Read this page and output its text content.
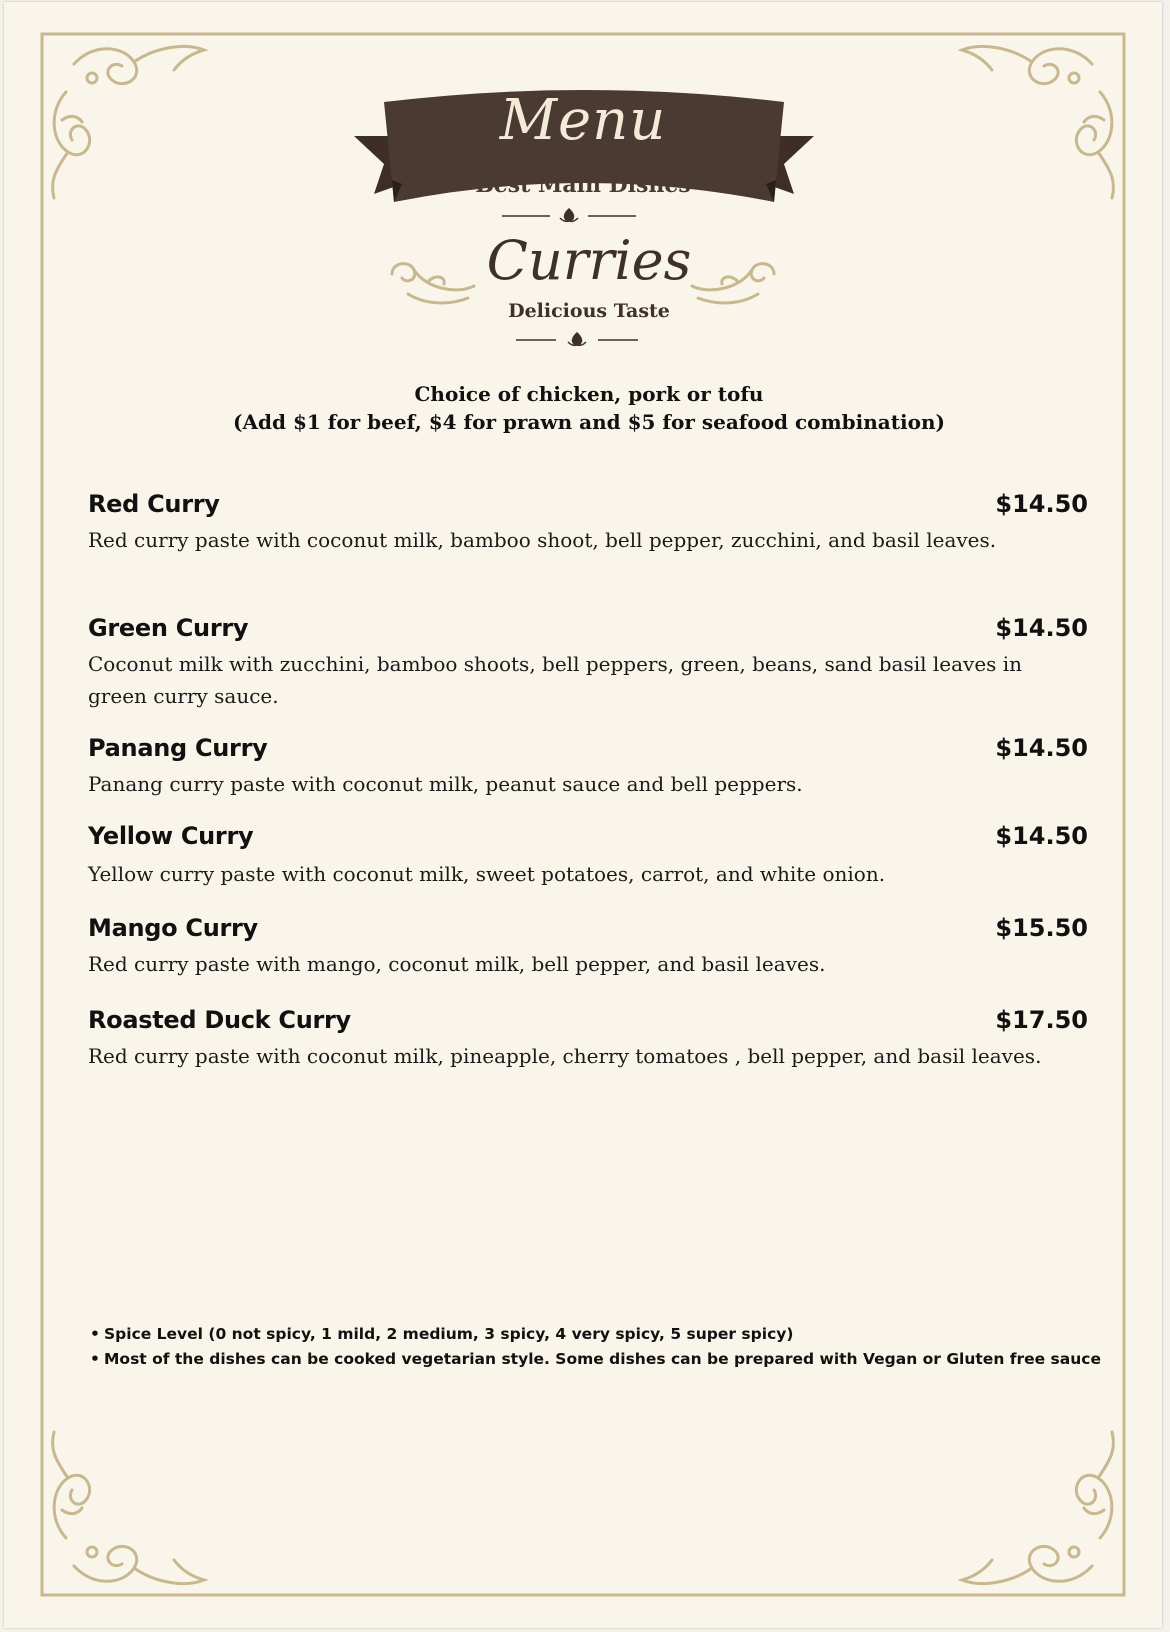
Menu
Best Main Dishes
Curries
Delicious Taste
Choice of chicken, pork or tofu
(Add $1 for beef, $4 for prawn and $5 for seafood combination)
Red Curry	$14.50
Red curry paste with coconut milk, bamboo shoot, bell pepper, zucchini, and basil leaves.
Green Curry	$14.50
Coconut milk with zucchini, bamboo shoots, bell peppers, green, beans, sand basil leaves in green curry sauce.
Panang Curry	$14.50
Panang curry paste with coconut milk, peanut sauce and bell peppers.
Yellow Curry	$14.50
Yellow curry paste with coconut milk, sweet potatoes, carrot, and white onion.
Mango Curry	$15.50
Red curry paste with mango, coconut milk, bell pepper, and basil leaves.
Roasted Duck Curry	$17.50
Red curry paste with coconut milk, pineapple, cherry tomatoes , bell pepper, and basil leaves.
• Spice Level (0 not spicy, 1 mild, 2 medium, 3 spicy, 4 very spicy, 5 super spicy)
• Most of the dishes can be cooked vegetarian style. Some dishes can be prepared with Vegan or Gluten free sauce
